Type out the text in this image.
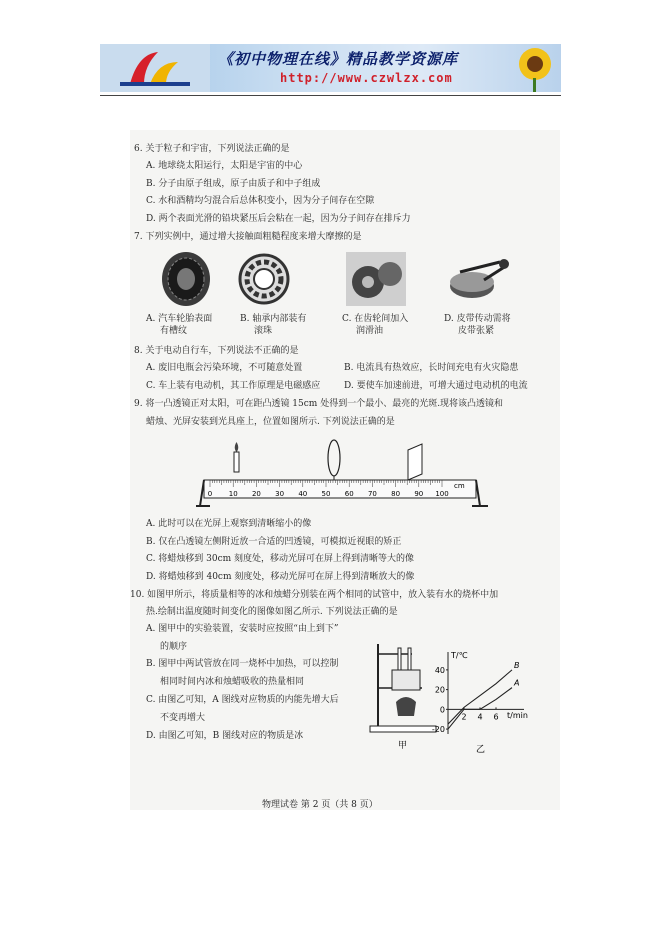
《初中物理在线》精品教学资源库
http://www.czwlzx.com
6. 关于粒子和宇宙，下列说法正确的是
A. 地球绕太阳运行，太阳是宇宙的中心
B. 分子由原子组成，原子由质子和中子组成
C. 水和酒精均匀混合后总体积变小，因为分子间存在空隙
D. 两个表面光滑的铅块紧压后会粘在一起，因为分子间存在排斥力
7. 下列实例中，通过增大接触面粗糙程度来增大摩擦的是
A. 汽车轮胎表面
有槽纹
B. 轴承内部装有
滚珠
C. 在齿轮间加入
润滑油
D. 皮带传动需将
皮带张紧
8. 关于电动自行车，下列说法不正确的是
A. 废旧电瓶会污染环境，不可随意处置	B. 电流具有热效应，长时间充电有火灾隐患
C. 车上装有电动机，其工作原理是电磁感应	D. 要使车加速前进，可增大通过电动机的电流
9. 将一凸透镜正对太阳，可在距凸透镜 15cm 处得到一个最小、最亮的光斑.现将该凸透镜和
蜡烛、光屏安装到光具座上，位置如图所示. 下列说法正确的是
0 10 20 30 40 50 60 70 80 90 100
cm
A. 此时可以在光屏上观察到清晰缩小的像
B. 仅在凸透镜左侧附近放一合适的凹透镜，可模拟近视眼的矫正
C. 将蜡烛移到 30cm 刻度处，移动光屏可在屏上得到清晰等大的像
D. 将蜡烛移到 40cm 刻度处，移动光屏可在屏上得到清晰放大的像
10. 如图甲所示，将质量相等的冰和烛蜡分别装在两个相同的试管中，放入装有水的烧杯中加
热.绘制出温度随时间变化的图像如图乙所示. 下列说法正确的是
A. 图甲中的实验装置，安装时应按照“由上到下”
的顺序
B. 图甲中两试管放在同一烧杯中加热，可以控制
相同时间内冰和烛蜡吸收的热量相同
C. 由图乙可知，A 图线对应物质的内能先增大后
不变再增大
D. 由图乙可知，B 图线对应的物质是冰
甲
T/℃
t/min
乙
40
20
0
-20
2 4 6
A
B
物理试卷 第 2 页（共 8 页）
